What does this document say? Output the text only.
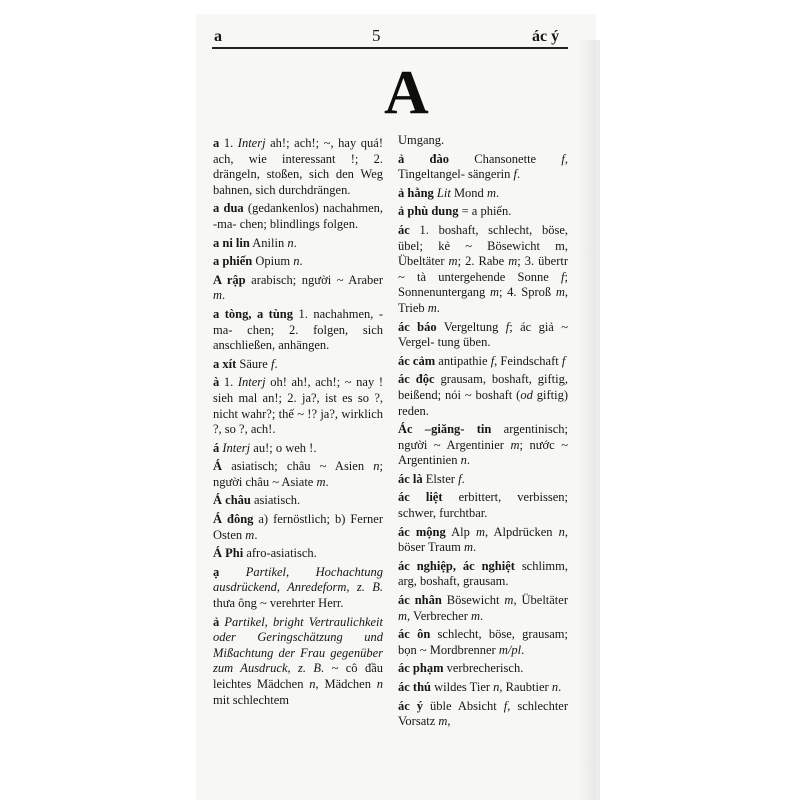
a	5	ác ý
A
a 1. Interj ah!; ach!; ~, hay quá! ach, wie interessant !; 2. drängeln, stoßen, sich den Weg bahnen, sich durchdrängen.
a dua (gedankenlos) nachahmen, -ma- chen; blindlings folgen.
a ni lin Anilin n.
a phiến Opium n.
A rập arabisch; người ~ Araber m.
a tòng, a tùng 1. nachahmen, -ma- chen; 2. folgen, sich anschließen, anhängen.
a xít Säure f.
à 1. Interj oh! ah!, ach!; ~ nay ! sieh mal an!; 2. ja?, ist es so ?, nicht wahr?; thế ~ !? ja?, wirklich ?, so ?, ach!.
á Interj au!; o weh !.
Á asiatisch; châu ~ Asien n; người châu ~ Asiate m.
Á châu asiatisch.
Á đông a) fernöstlich; b) Ferner Osten m.
Á Phi afro-asiatisch.
ạ Partikel, Hochachtung ausdrückend, Anredeform, z. B. thưa ông ~ verehrter Herr.
ả Partikel, bright Vertraulichkeit oder Geringschätzung und Mißachtung der Frau gegenüber zum Ausdruck, z. B. ~ cô đầu leichtes Mädchen n, Mädchen n mit schlechtem
Umgang.
ả đào Chansonette f, Tingeltangel- sängerin f.
ả hằng Lit Mond m.
ả phù dung = a phiến.
ác 1. boshaft, schlecht, böse, übel; kẻ ~ Bösewicht m, Übeltäter m; 2. Rabe m; 3. übertr ~ tà untergehende Sonne f; Sonnenuntergang m; 4. Sproß m, Trieb m.
ác báo Vergeltung f; ác giả ~ Vergel- tung üben.
ác cảm antipathie f, Feindschaft f
ác độc grausam, boshaft, giftig, beißend; nói ~ boshaft (od giftig) reden.
Ác –giăng- tin argentinisch; người ~ Argentinier m; nước ~ Argentinien n.
ác là Elster f.
ác liệt erbittert, verbissen; schwer, furchtbar.
ác mộng Alp m, Alpdrücken n, böser Traum m.
ác nghiệp, ác nghiệt schlimm, arg, boshaft, grausam.
ác nhân Bösewicht m, Übeltäter m, Verbrecher m.
ác ôn schlecht, böse, grausam; bọn ~ Mordbrenner m/pl.
ác phạm verbrecherisch.
ác thú wildes Tier n, Raubtier n.
ác ý üble Absicht f, schlechter Vorsatz m,
